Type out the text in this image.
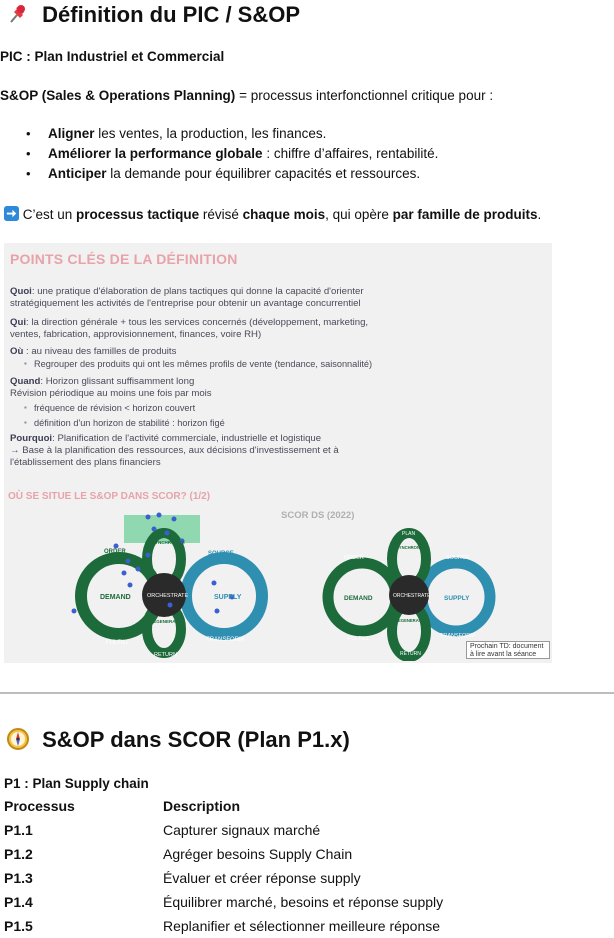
Définition du PIC / S&OP

PIC : Plan Industriel et Commercial

S&OP (Sales & Operations Planning) = processus interfonctionnel critique pour :

• Aligner les ventes, la production, les finances.
• Améliorer la performance globale : chiffre d’affaires, rentabilité.
• Anticiper la demande pour équilibrer capacités et ressources.

C’est un processus tactique révisé chaque mois, qui opère par famille de produits.

POINTS CLÉS DE LA DÉFINITION
Quoi: une pratique d'élaboration de plans tactiques qui donne la capacité d'orienter
stratégiquement les activités de l'entreprise pour obtenir un avantage concurrentiel
Qui: la direction générale + tous les services concernés (développement, marketing,
ventes, fabrication, approvisionnement, finances, voire RH)
Où : au niveau des familles de produits
▪ Regrouper des produits qui ont les mêmes profils de vente (tendance, saisonnalité)
Quand: Horizon glissant suffisamment long
Révision périodique au moins une fois par mois
▪ fréquence de révision < horizon couvert
▪ définition d'un horizon de stabilité : horizon figé
Pourquoi: Planification de l'activité commerciale, industrielle et logistique
→ Base à la planification des ressources, aux décisions d'investissement et à
l'établissement des plans financiers
OÙ SE SITUE LE S&OP DANS SCOR? (1/2)
SCOR DS (2022)
ORDER
DEMAND
FULFILL
ORCHESTRATE
SOURCE
SUPPLY
TRANSFORM
RETURN
REGENERATE
SYNCHRONIZE
PLAN
SYNCHRONIZE
ORDER
DEMAND
FULFILL
ORCHESTRATE
SOURCE
SUPPLY
TRANSFORM
REGENERATE
RETURN
Prochain TD: document à lire avant la séance
S&OP dans SCOR (Plan P1.x)

P1 : Plan Supply chain

Processus	Description
P1.1	Capturer signaux marché
P1.2	Agréger besoins Supply Chain
P1.3	Évaluer et créer réponse supply
P1.4	Équilibrer marché, besoins et réponse supply
P1.5	Replanifier et sélectionner meilleure réponse
